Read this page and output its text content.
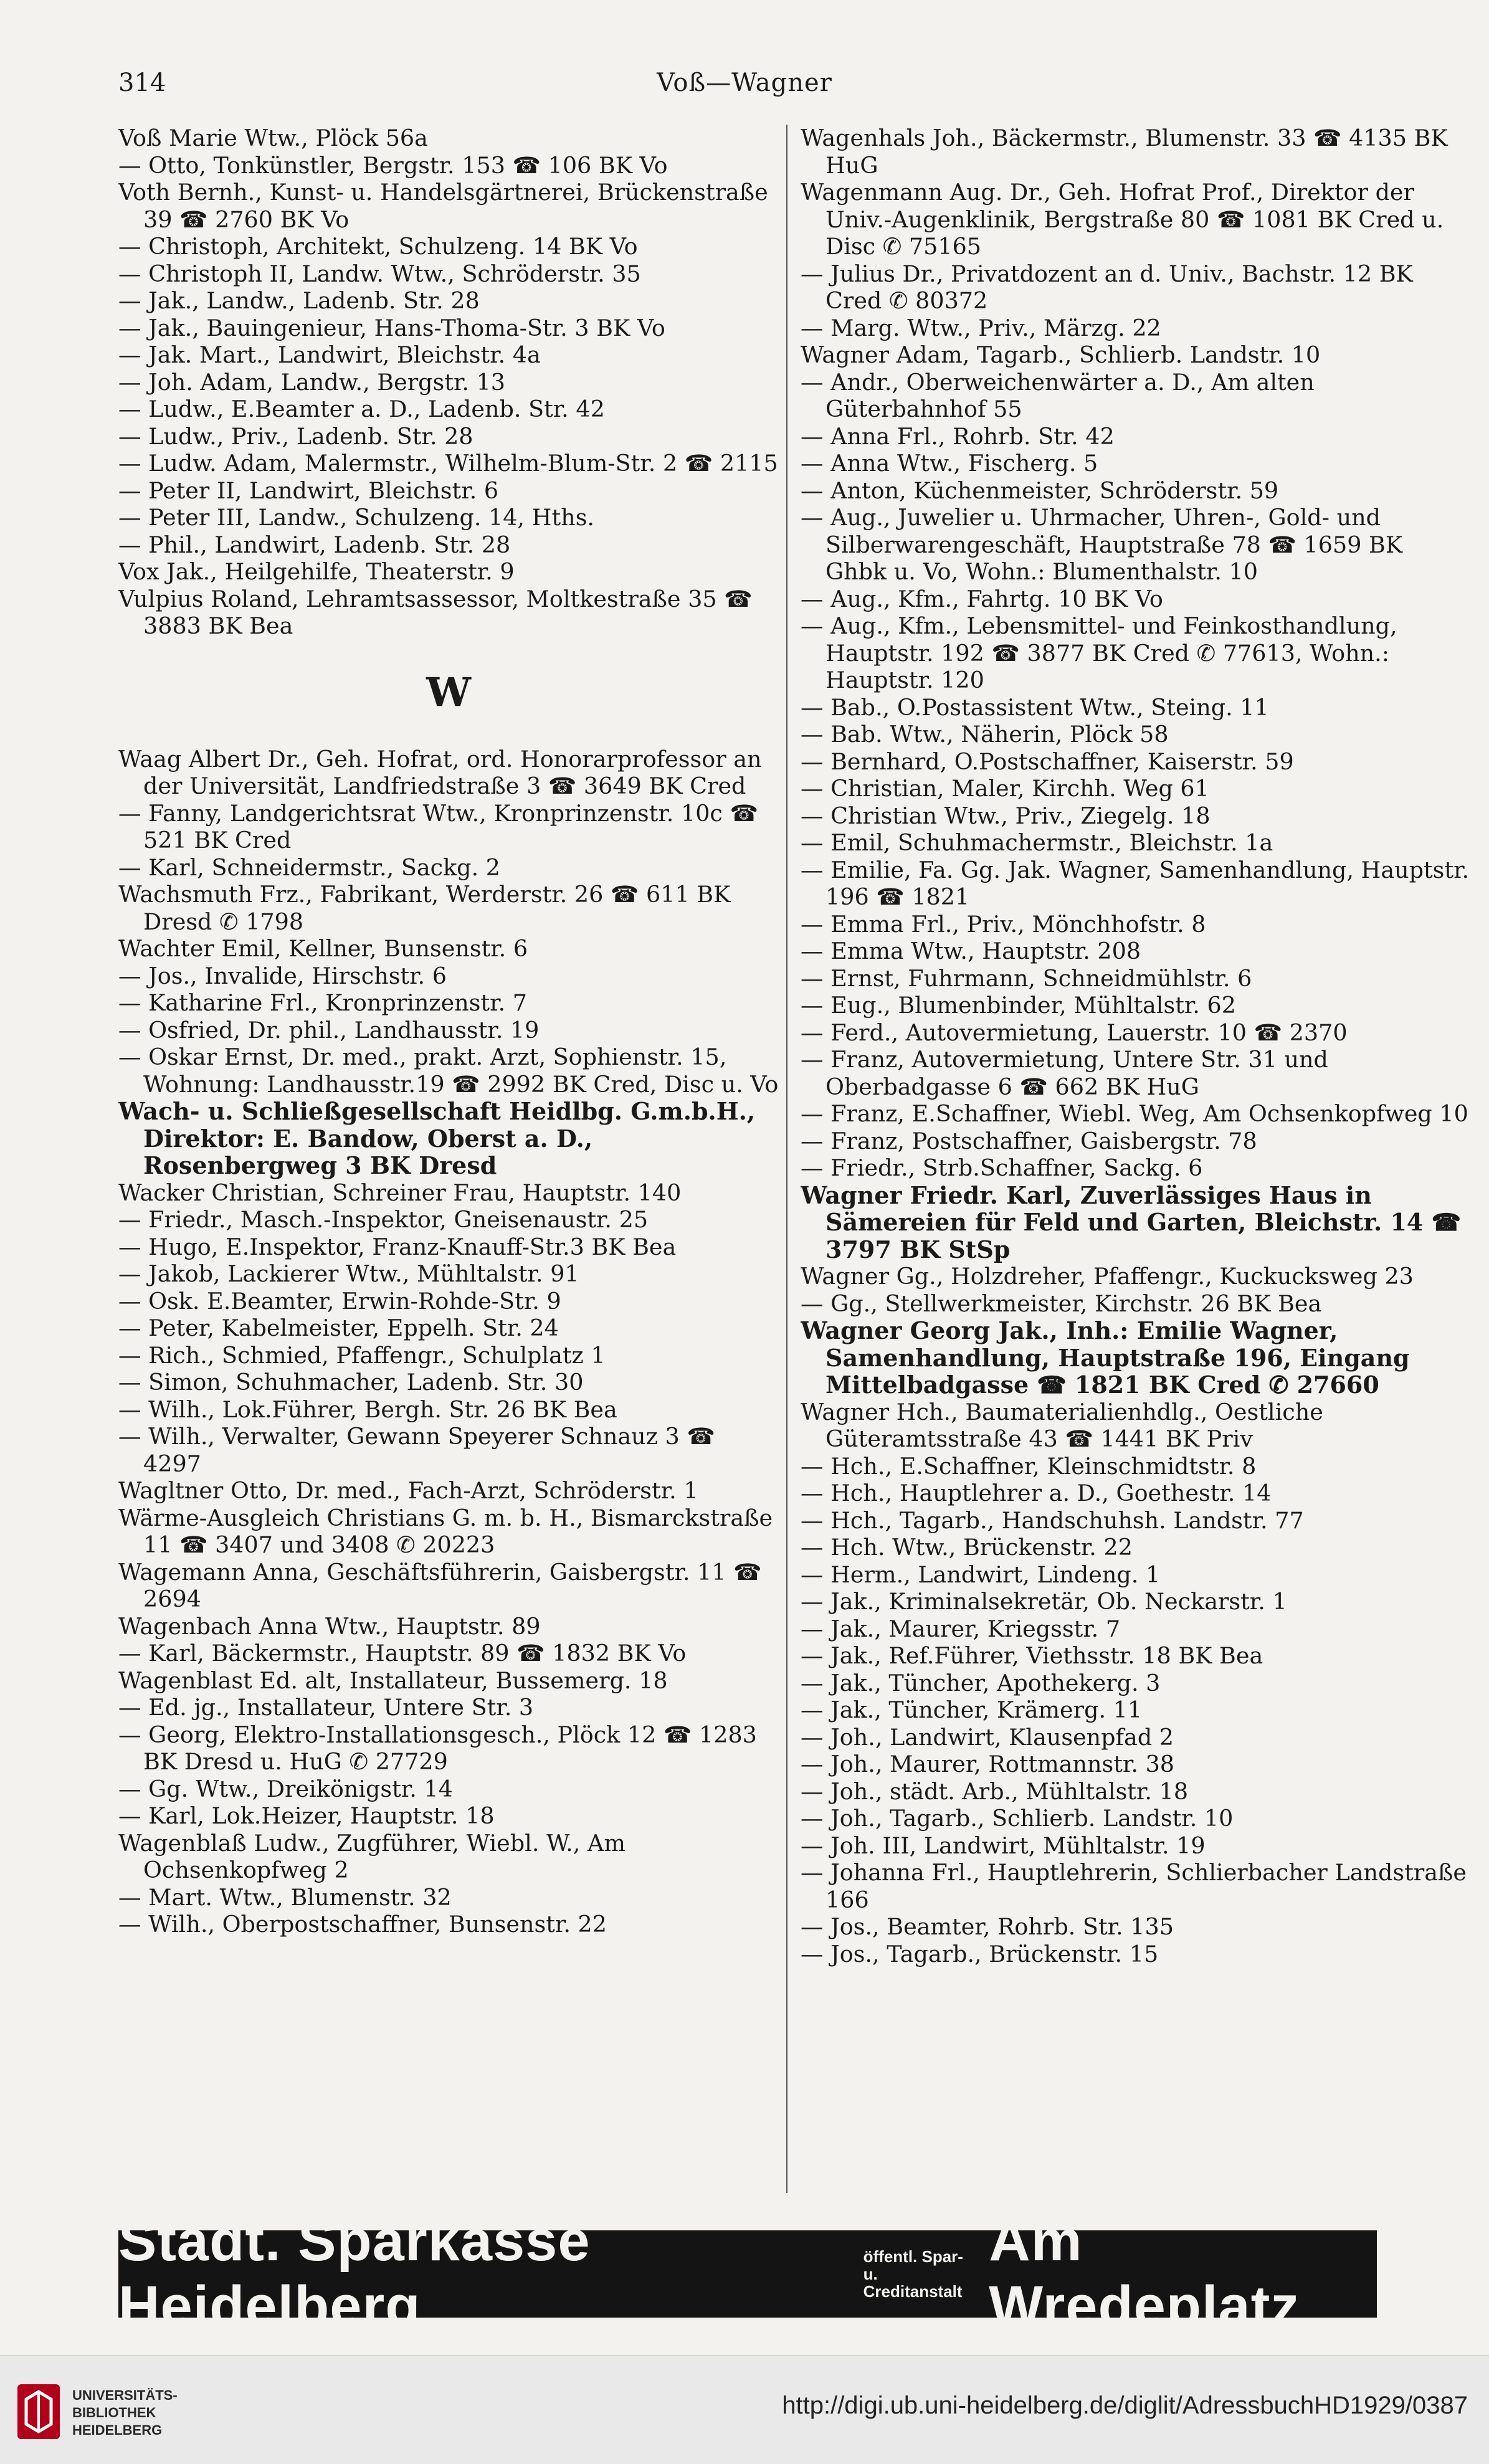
314	Voß—Wagner
Voß Marie Wtw., Plöck 56a
— Otto, Tonkünstler, Bergstr. 153 ☎ 106 BK Vo
Voth Bernh., Kunst- u. Handelsgärtnerei, Brückenstraße 39 ☎ 2760 BK Vo
— Christoph, Architekt, Schulzeng. 14 BK Vo
— Christoph II, Landw. Wtw., Schröderstr. 35
— Jak., Landw., Ladenb. Str. 28
— Jak., Bauingenieur, Hans-Thoma-Str. 3 BK Vo
— Jak. Mart., Landwirt, Bleichstr. 4a
— Joh. Adam, Landw., Bergstr. 13
— Ludw., E.Beamter a. D., Ladenb. Str. 42
— Ludw., Priv., Ladenb. Str. 28
— Ludw. Adam, Malermstr., Wilhelm-Blum-Str. 2 ☎ 2115
— Peter II, Landwirt, Bleichstr. 6
— Peter III, Landw., Schulzeng. 14, Hths.
— Phil., Landwirt, Ladenb. Str. 28
Vox Jak., Heilgehilfe, Theaterstr. 9
Vulpius Roland, Lehramtsassessor, Moltkestraße 35 ☎ 3883 BK Bea
W
Waag Albert Dr., Geh. Hofrat, ord. Honorarprofessor an der Universität, Landfriedstraße 3 ☎ 3649 BK Cred
— Fanny, Landgerichtsrat Wtw., Kronprinzenstr. 10c ☎ 521 BK Cred
— Karl, Schneidermstr., Sackg. 2
Wachsmuth Frz., Fabrikant, Werderstr. 26 ☎ 611 BK Dresd ✆ 1798
Wachter Emil, Kellner, Bunsenstr. 6
— Jos., Invalide, Hirschstr. 6
— Katharine Frl., Kronprinzenstr. 7
— Osfried, Dr. phil., Landhausstr. 19
— Oskar Ernst, Dr. med., prakt. Arzt, Sophienstr. 15, Wohnung: Landhausstr.19 ☎ 2992 BK Cred, Disc u. Vo
Wach- u. Schließgesellschaft Heidlbg. G.m.b.H., Direktor: E. Bandow, Oberst a. D., Rosenbergweg 3 BK Dresd
Wacker Christian, Schreiner Frau, Hauptstr. 140
— Friedr., Masch.-Inspektor, Gneisenaustr. 25
— Hugo, E.Inspektor, Franz-Knauff-Str.3 BK Bea
— Jakob, Lackierer Wtw., Mühltalstr. 91
— Osk. E.Beamter, Erwin-Rohde-Str. 9
— Peter, Kabelmeister, Eppelh. Str. 24
— Rich., Schmied, Pfaffengr., Schulplatz 1
— Simon, Schuhmacher, Ladenb. Str. 30
— Wilh., Lok.Führer, Bergh. Str. 26 BK Bea
— Wilh., Verwalter, Gewann Speyerer Schnauz 3 ☎ 4297
Wagltner Otto, Dr. med., Fach-Arzt, Schröderstr. 1
Wärme-Ausgleich Christians G. m. b. H., Bismarckstraße 11 ☎ 3407 und 3408 ✆ 20223
Wagemann Anna, Geschäftsführerin, Gaisbergstr. 11 ☎ 2694
Wagenbach Anna Wtw., Hauptstr. 89
— Karl, Bäckermstr., Hauptstr. 89 ☎ 1832 BK Vo
Wagenblast Ed. alt, Installateur, Bussemerg. 18
— Ed. jg., Installateur, Untere Str. 3
— Georg, Elektro-Installationsgesch., Plöck 12 ☎ 1283 BK Dresd u. HuG ✆ 27729
— Gg. Wtw., Dreikönigstr. 14
— Karl, Lok.Heizer, Hauptstr. 18
Wagenblaß Ludw., Zugführer, Wiebl. W., Am Ochsenkopfweg 2
— Mart. Wtw., Blumenstr. 32
— Wilh., Oberpostschaffner, Bunsenstr. 22
Wagenhals Joh., Bäckermstr., Blumenstr. 33 ☎ 4135 BK HuG
Wagenmann Aug. Dr., Geh. Hofrat Prof., Direktor der Univ.-Augenklinik, Bergstraße 80 ☎ 1081 BK Cred u. Disc ✆ 75165
— Julius Dr., Privatdozent an d. Univ., Bachstr. 12 BK Cred ✆ 80372
— Marg. Wtw., Priv., Märzg. 22
Wagner Adam, Tagarb., Schlierb. Landstr. 10
— Andr., Oberweichenwärter a. D., Am alten Güterbahnhof 55
— Anna Frl., Rohrb. Str. 42
— Anna Wtw., Fischerg. 5
— Anton, Küchenmeister, Schröderstr. 59
— Aug., Juwelier u. Uhrmacher, Uhren-, Gold- und Silberwarengeschäft, Hauptstraße 78 ☎ 1659 BK Ghbk u. Vo, Wohn.: Blumenthalstr. 10
— Aug., Kfm., Fahrtg. 10 BK Vo
— Aug., Kfm., Lebensmittel- und Feinkosthandlung, Hauptstr. 192 ☎ 3877 BK Cred ✆ 77613, Wohn.: Hauptstr. 120
— Bab., O.Postassistent Wtw., Steing. 11
— Bab. Wtw., Näherin, Plöck 58
— Bernhard, O.Postschaffner, Kaiserstr. 59
— Christian, Maler, Kirchh. Weg 61
— Christian Wtw., Priv., Ziegelg. 18
— Emil, Schuhmachermstr., Bleichstr. 1a
— Emilie, Fa. Gg. Jak. Wagner, Samenhandlung, Hauptstr. 196 ☎ 1821
— Emma Frl., Priv., Mönchhofstr. 8
— Emma Wtw., Hauptstr. 208
— Ernst, Fuhrmann, Schneidmühlstr. 6
— Eug., Blumenbinder, Mühltalstr. 62
— Ferd., Autovermietung, Lauerstr. 10 ☎ 2370
— Franz, Autovermietung, Untere Str. 31 und Oberbadgasse 6 ☎ 662 BK HuG
— Franz, E.Schaffner, Wiebl. Weg, Am Ochsenkopfweg 10
— Franz, Postschaffner, Gaisbergstr. 78
— Friedr., Strb.Schaffner, Sackg. 6
Wagner Friedr. Karl, Zuverlässiges Haus in Sämereien für Feld und Garten, Bleichstr. 14 ☎ 3797 BK StSp
Wagner Gg., Holzdreher, Pfaffengr., Kuckucksweg 23
— Gg., Stellwerkmeister, Kirchstr. 26 BK Bea
Wagner Georg Jak., Inh.: Emilie Wagner, Samenhandlung, Hauptstraße 196, Eingang Mittelbadgasse ☎ 1821 BK Cred ✆ 27660
Wagner Hch., Baumaterialienhdlg., Oestliche Güteramtsstraße 43 ☎ 1441 BK Priv
— Hch., E.Schaffner, Kleinschmidtstr. 8
— Hch., Hauptlehrer a. D., Goethestr. 14
— Hch., Tagarb., Handschuhsh. Landstr. 77
— Hch. Wtw., Brückenstr. 22
— Herm., Landwirt, Lindeng. 1
— Jak., Kriminalsekretär, Ob. Neckarstr. 1
— Jak., Maurer, Kriegsstr. 7
— Jak., Ref.Führer, Viethsstr. 18 BK Bea
— Jak., Tüncher, Apothekerg. 3
— Jak., Tüncher, Krämerg. 11
— Joh., Landwirt, Klausenpfad 2
— Joh., Maurer, Rottmannstr. 38
— Joh., städt. Arb., Mühltalstr. 18
— Joh., Tagarb., Schlierb. Landstr. 10
— Joh. III, Landwirt, Mühltalstr. 19
— Johanna Frl., Hauptlehrerin, Schlierbacher Landstraße 166
— Jos., Beamter, Rohrb. Str. 135
— Jos., Tagarb., Brückenstr. 15
Städt. Sparkasse Heidelberg
öffentl. Spar- u.
Creditanstalt
Am Wredeplatz
UNIVERSITÄTS-
BIBLIOTHEK
HEIDELBERG
http://digi.ub.uni-heidelberg.de/diglit/AdressbuchHD1929/0387
